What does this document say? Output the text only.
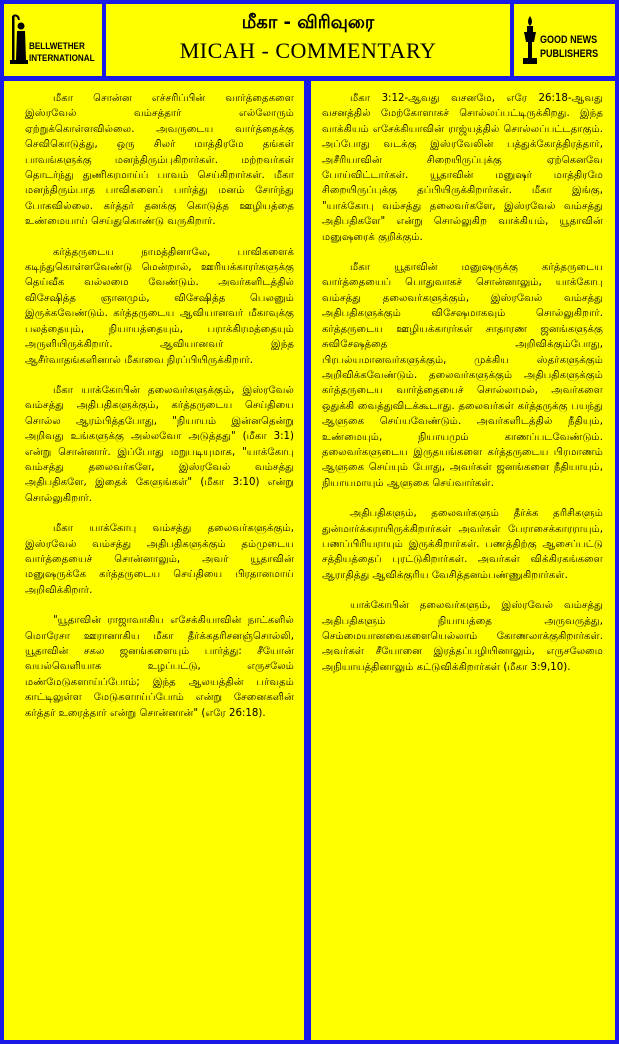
BELLWETHER
INTERNATIONAL
மீகா - விரிவுரை
MICAH - COMMENTARY	GOOD NEWS
PUBLISHERS

மீகா சொன்ன எச்சரிப்பின் வார்த்தைகளை இஸ்ரவேல் வம்சத்தார் எல்லோரும் ஏற்றுக்கொள்ளவில்லை. அவருடைய வார்த்தைக்கு செவிகொடுத்து, ஒரு சிலர் மாத்திரமே தங்கள் பாவங்களுக்கு மனந்திரும்புகிறார்கள். மற்றவர்கள் தொடர்ந்து துணிகரமாய்ப் பாவம் செய்கிறார்கள். மீகா மனந்திரும்பாத பாவிகளைப் பார்த்து மனம் சோர்ந்து போகவில்லை. கர்த்தர் தனக்கு கொடுத்த ஊழியத்தை உண்மையாய் செய்துகொண்டு வருகிறார்.

கர்த்தருடைய நாமத்தினாலே, பாவிகளைக் கடிந்துகொள்ளவேண்டு மென்றால், ஊரியக்காரர்களுக்கு தெய்வீக வல்லமை வேண்டும். அவர்களிடத்தில் விசேஷித்த ஞானமும், விசேஷித்த பெலனும் இருக்கவேண்டும். கர்த்தருடைய ஆவியானவர் மீகாவுக்கு பலத்தையும், நியாயத்தையும், பராக்கிரமத்தையும் அருளியிருக்கிறார். ஆவியானவர் இந்த ஆசீர்வாதங்களினால் மீகாவை நிரப்பியிருக்கிறார்.

மீகா யாக்கோபின் தலைவர்களுக்கும், இஸ்ரவேல் வம்சத்து அதிபதிகளுக்கும், கர்த்தருடைய செய்தியை சொல்ல ஆரம்பித்தபோது, "நியாயம் இன்னதென்று அறிவது உங்களுக்கு அல்லவோ அடுத்தது" (மீகா 3:1) என்று சொன்னார். இப்போது மறுபடியுமாக, "யாக்கோபு வம்சத்து தலைவர்களே, இஸ்ரவேல் வம்சத்து அதிபதிகளே, இதைக் கேளுங்கள்" (மீகா 3:10) என்று சொல்லுகிறார்.

மீகா யாக்கோபு வம்சத்து தலைவர்களுக்கும், இஸ்ரவேல் வம்சத்து அதிபதிகளுக்கும் தம்முடைய வார்த்தையைச் சொன்னாலும், அவர் யூதாவின் மனுஷருக்கே கர்த்தருடைய செய்தியை பிரதானமாய் அறிவிக்கிறார்.

"யூதாவின் ராஜாவாகிய எசேக்கியாவின் நாட்களில் மொரேசா ஊரானாகிய மீகா தீர்க்கதரிசனஞ்சொல்லி, யூதாவின் சகல ஜனங்களையும் பார்த்து: சீயோன் வயல்வெளியாக உழப்பட்டு, எருசலேம் மண்மேடுகளாய்ப்போம்; இந்த ஆலயத்தின் பர்வதம் காட்டிலுள்ள மேடுகளாய்ப்போம் என்று சேனைகளின் கர்த்தர் உரைத்தார் என்று சொன்னான்" (எரே 26:18).

மீகா 3:12-ஆவது வசனமே, எரே 26:18-ஆவது வசனத்தில் மேற்கோளாகச் சொல்லப்பட்டிருக்கிறது. இந்த வாக்கியம் எசேக்கியாவின் ராஜ்யத்தில் சொல்லப்பட்டதாகும். அப்போது வடக்கு இஸ்ரவேலின் பத்துக்கோத்திரத்தார், அசீரியாவின் சிறையிருப்புக்கு ஏற்கெனவே போய்விட்டார்கள். யூதாவின் மனுஷர் மாத்திரமே சிறையிருப்புக்கு தப்பியிருக்கிறார்கள். மீகா இங்கு, "யாக்கோபு வம்சத்து தலைவர்களே, இஸ்ரவேல் வம்சத்து அதிபதிகளே" என்று சொல்லுகிற வாக்கியம், யூதாவின் மனுஷரைக் குறிக்கும்.

மீகா யூதாவின் மனுஷருக்கு கர்த்தருடைய வார்த்தையைப் பொதுவாகச் சொன்னாலும், யாக்கோபு வம்சத்து தலைவர்களுக்கும், இஸ்ரவேல் வம்சத்து அதிபதிகளுக்கும் விசேஷமாகவும் சொல்லுகிறார். கர்த்தருடைய ஊழியக்காரர்கள் சாதாரண ஜனங்களுக்கு சுவிசேஷத்தை அறிவிக்கும்போது, பிரபல்யமானவர்களுக்கும், முக்கிய ஸ்தர்களுக்கும் அறிவிக்கவேண்டும். தலைவர்களுக்கும் அதிபதிகளுக்கும் கர்த்தருடைய வார்த்தையைச் சொல்லாமல், அவர்களை ஒதுக்கி வைத்துவிடக்கூடாது. தலைவர்கள் கர்த்தருக்கு பயந்து ஆளுகை செய்யவேண்டும். அவர்களிடத்தில் நீதியும், உண்மையும், நியாயமும் காணப்படவேண்டும். தலைவர்களுடைய இருதயங்களை கர்த்தருடைய பிரமாணம் ஆளுகை செய்யும் போது, அவர்கள் ஜனங்களை நீதியாயும், நியாயமாயும் ஆளுகை செய்வார்கள்.

அதிபதிகளும், தலைவர்களும் தீர்க்க தரிசிகளும் துன்மார்க்கராயிருக்கிறார்கள் அவர்கள் பேராசைக்காரராயும், பணப்பிரியராயும் இருக்கிறார்கள். பணத்திற்கு ஆசைப்பட்டு சத்தியத்தைப் புரட்டுகிறார்கள். அவர்கள் விக்கிரகங்களை ஆராதித்து ஆவிக்குரிய வேசித்தனம்பண்ணுகிறார்கள்.

யாக்கோபின் தலைவர்களும், இஸ்ரவேல் வம்சத்து அதிபதிகளும் நியாயத்தை அருவருத்து, செம்மையானவைகளையெல்லாம் கோணலாக்குகிறார்கள். அவர்கள் சீயோனை இரத்தப்பழியினாலும், எருசலேமை அநியாயத்தினாலும் கட்டுவிக்கிறார்கள் (மீகா 3:9,10).
